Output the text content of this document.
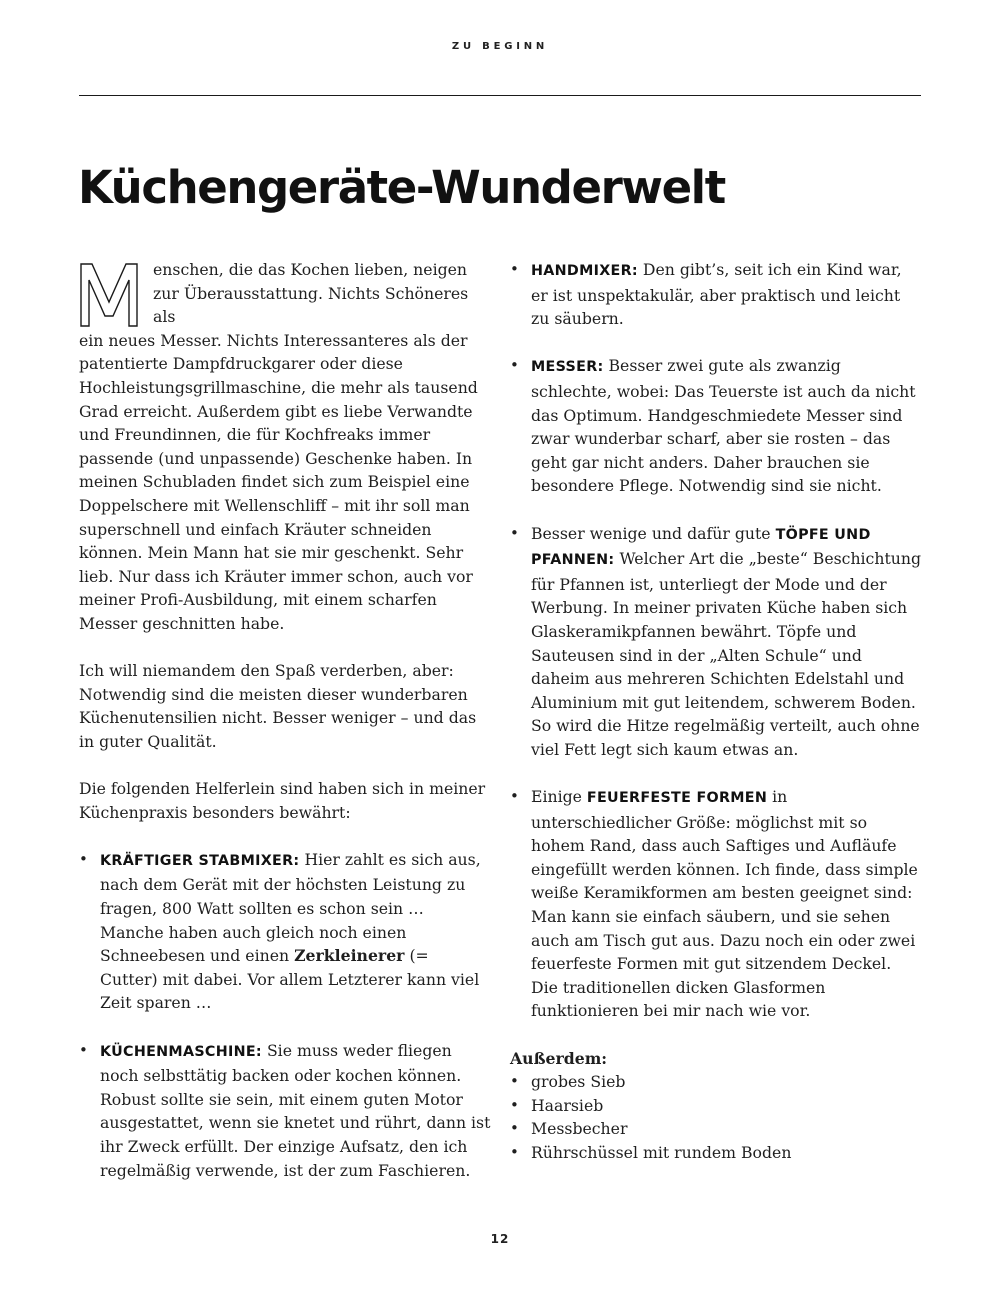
ZU BEGINN
Küchengeräte-Wunderwelt

enschen, die das Kochen lieben, neigen
zur Überausstattung. Nichts Schöneres als
ein neues Messer. Nichts Interessanteres als der patentierte Dampfdruckgarer oder diese Hochleistungsgrillmaschine, die mehr als tausend Grad erreicht. Außerdem gibt es liebe Verwandte und Freundinnen, die für Kochfreaks immer passende (und unpassende) Geschenke haben. In meinen Schubladen findet sich zum Beispiel eine Doppelschere mit Wellenschliff – mit ihr soll man superschnell und einfach Kräuter schneiden können. Mein Mann hat sie mir geschenkt. Sehr lieb. Nur dass ich Kräuter immer schon, auch vor meiner Profi-Ausbildung, mit einem scharfen Messer geschnitten habe.

Ich will niemandem den Spaß verderben, aber: Notwendig sind die meisten dieser wunderbaren Küchenutensilien nicht. Besser weniger – und das in guter Qualität.

Die folgenden Helferlein sind haben sich in meiner Küchenpraxis besonders bewährt:

• KRÄFTIGER STABMIXER: Hier zahlt es sich aus, nach dem Gerät mit der höchsten Leistung zu fragen, 800 Watt sollten es schon sein … Manche haben auch gleich noch einen Schneebesen und einen Zerkleinerer (= Cutter) mit dabei. Vor allem Letzterer kann viel Zeit sparen …
• KÜCHENMASCHINE: Sie muss weder fliegen noch selbsttätig backen oder kochen können. Robust sollte sie sein, mit einem guten Motor ausgestattet, wenn sie knetet und rührt, dann ist ihr Zweck erfüllt. Der einzige Aufsatz, den ich regelmäßig verwende, ist der zum Faschieren.
• HANDMIXER: Den gibt’s, seit ich ein Kind war, er ist unspektakulär, aber praktisch und leicht zu säubern.
• MESSER: Besser zwei gute als zwanzig schlechte, wobei: Das Teuerste ist auch da nicht das Optimum. Handgeschmiedete Messer sind zwar wunderbar scharf, aber sie rosten – das geht gar nicht anders. Daher brauchen sie besondere Pflege. Notwendig sind sie nicht.
• Besser wenige und dafür gute TÖPFE UND PFANNEN: Welcher Art die „beste“ Beschichtung für Pfannen ist, unterliegt der Mode und der Werbung. In meiner privaten Küche haben sich Glaskeramikpfannen bewährt. Töpfe und Sauteusen sind in der „Alten Schule“ und daheim aus mehreren Schichten Edelstahl und Aluminium mit gut leitendem, schwerem Boden. So wird die Hitze regelmäßig verteilt, auch ohne viel Fett legt sich kaum etwas an.
• Einige FEUERFESTE FORMEN in unterschiedlicher Größe: möglichst mit so hohem Rand, dass auch Saftiges und Aufläufe eingefüllt werden können. Ich finde, dass simple weiße Keramikformen am besten geeignet sind: Man kann sie einfach säubern, und sie sehen auch am Tisch gut aus. Dazu noch ein oder zwei feuerfeste Formen mit gut sitzendem Deckel. Die traditionellen dicken Glasformen funktionieren bei mir nach wie vor.

Außerdem:

• grobes Sieb
• Haarsieb
• Messbecher
• Rührschüssel mit rundem Boden
12
